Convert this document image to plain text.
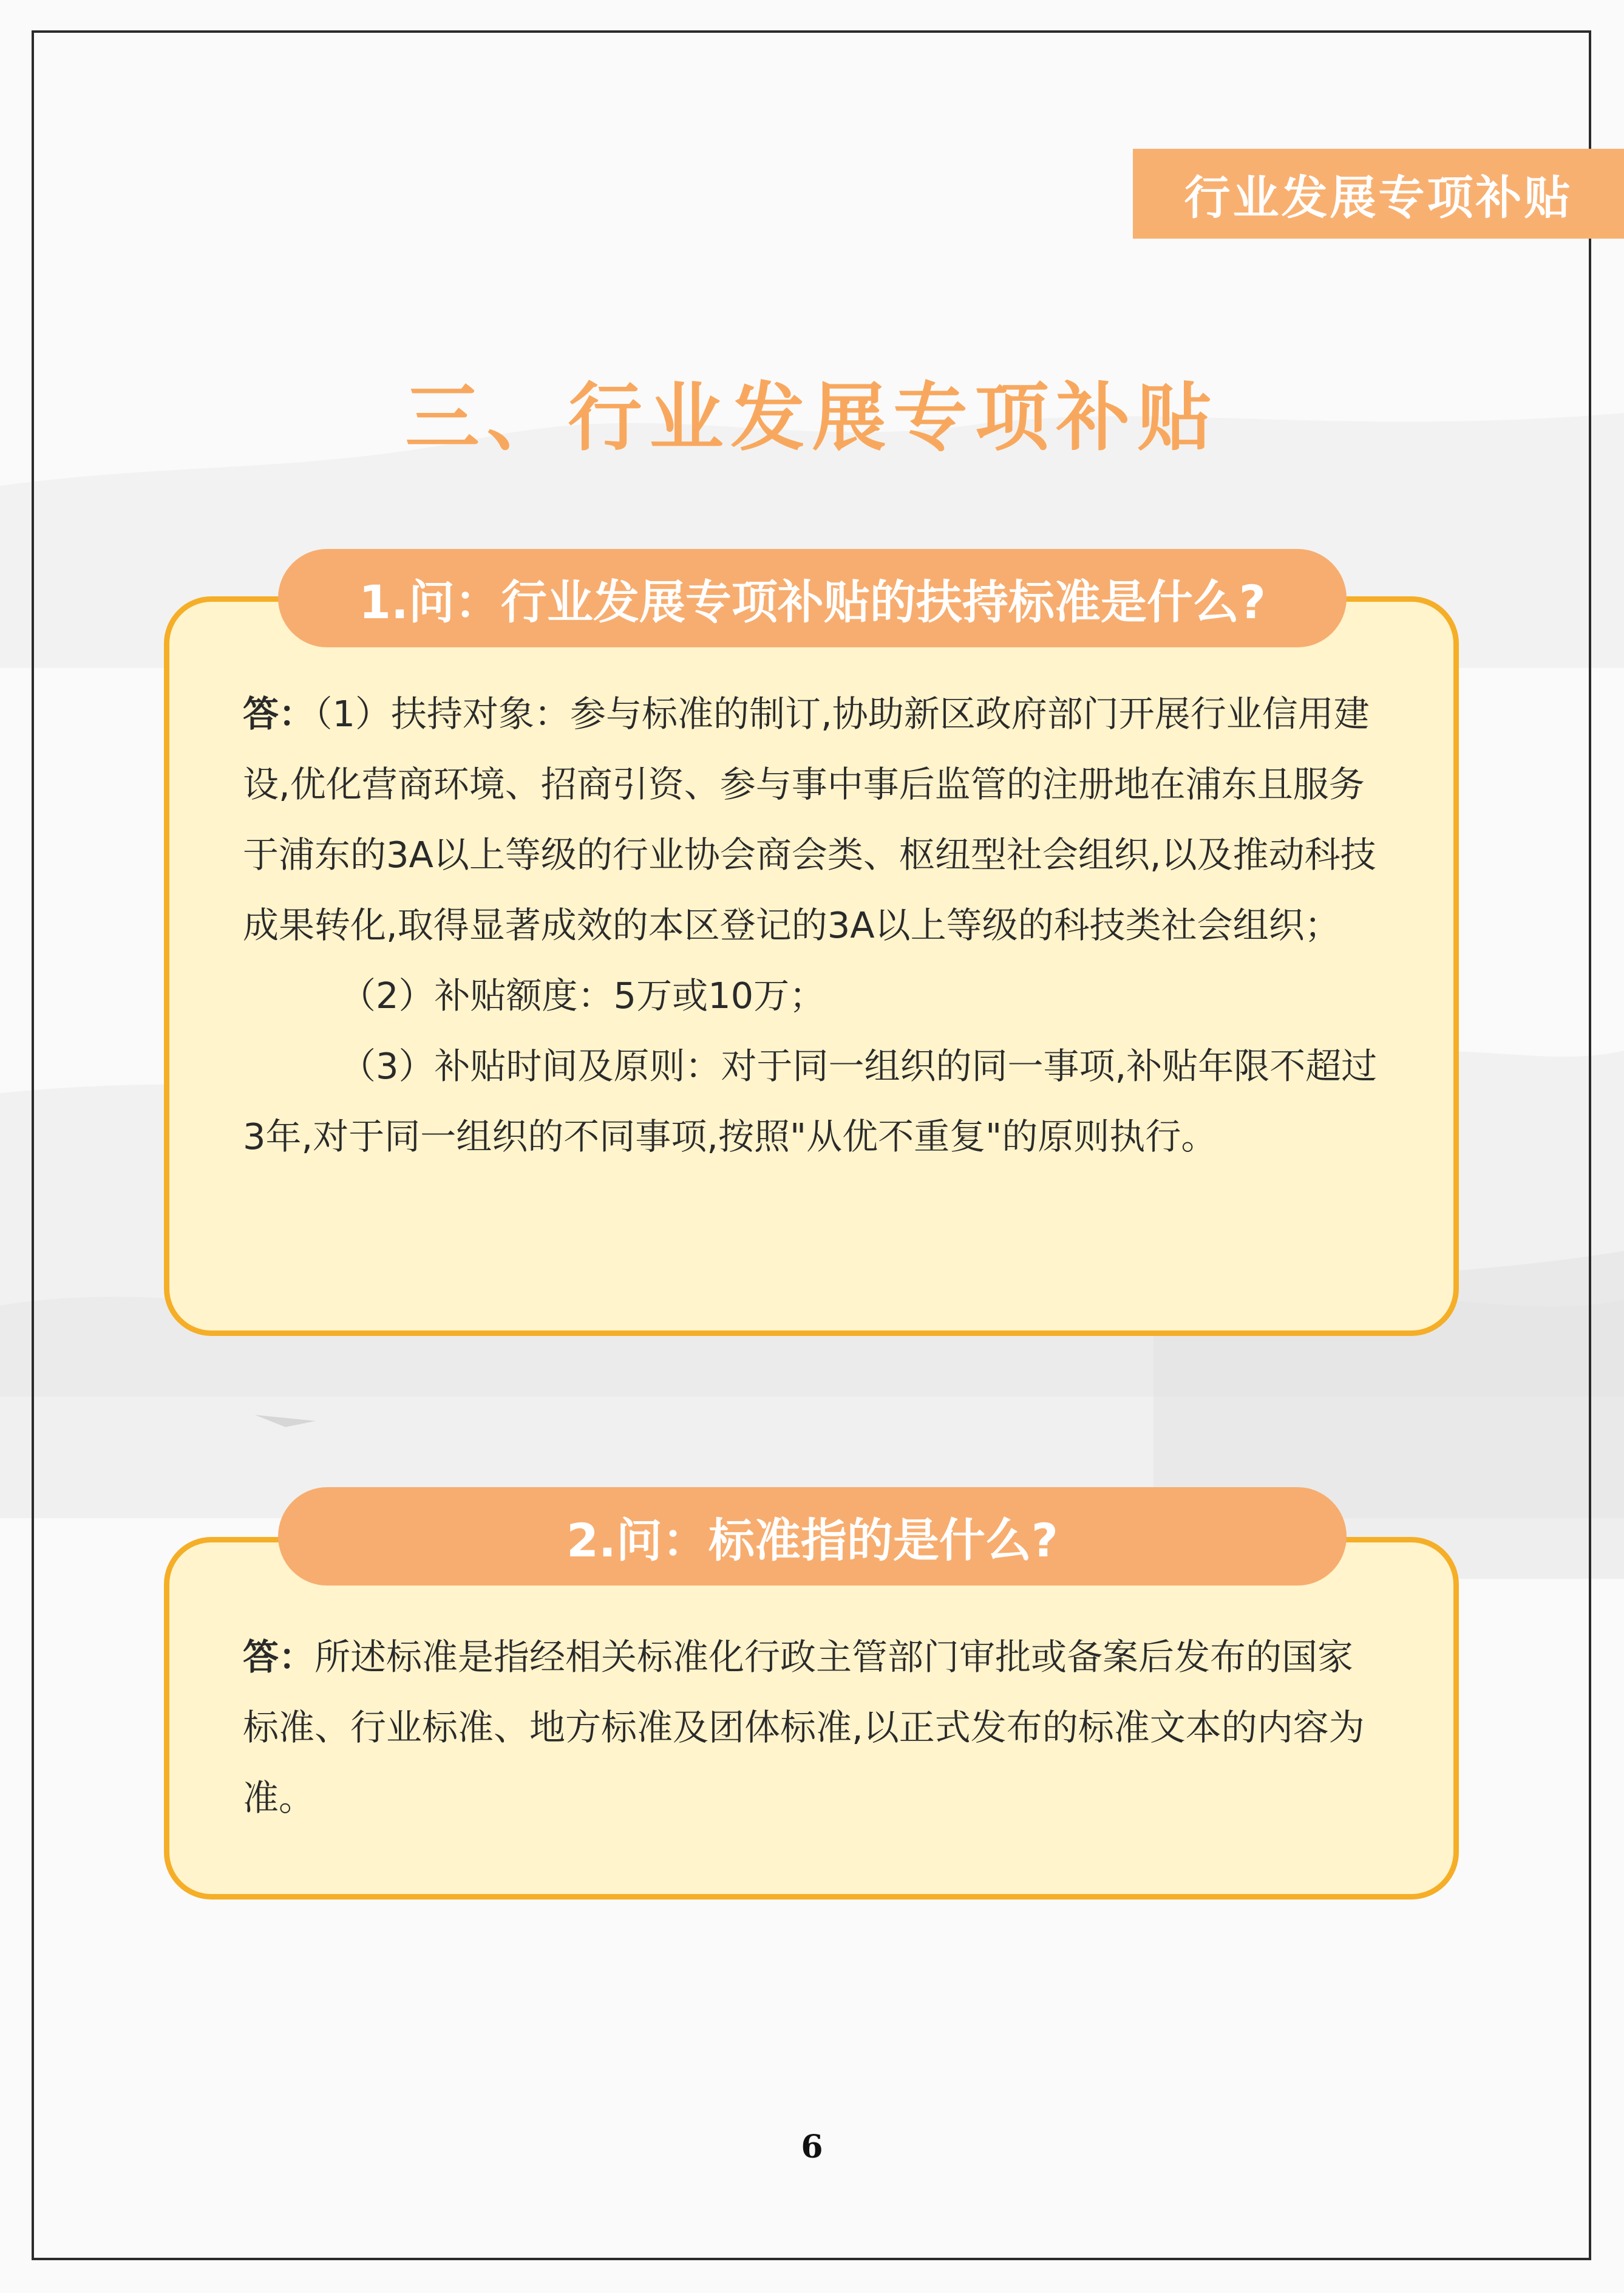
行业发展专项补贴
三、行业发展专项补贴
1.问：行业发展专项补贴的扶持标准是什么?

答：（1）扶持对象：参与标准的制订,协助新区政府部门开展行业信用建设,优化营商环境、招商引资、参与事中事后监管的注册地在浦东且服务于浦东的3A以上等级的行业协会商会类、枢纽型社会组织,以及推动科技成果转化,取得显著成效的本区登记的3A以上等级的科技类社会组织；

（2）补贴额度：5万或10万；

（3）补贴时间及原则：对于同一组织的同一事项,补贴年限不超过3年,对于同一组织的不同事项,按照"从优不重复"的原则执行。

2.问：标准指的是什么?

答：所述标准是指经相关标准化行政主管部门审批或备案后发布的国家标准、行业标准、地方标准及团体标准,以正式发布的标准文本的内容为准。

6
